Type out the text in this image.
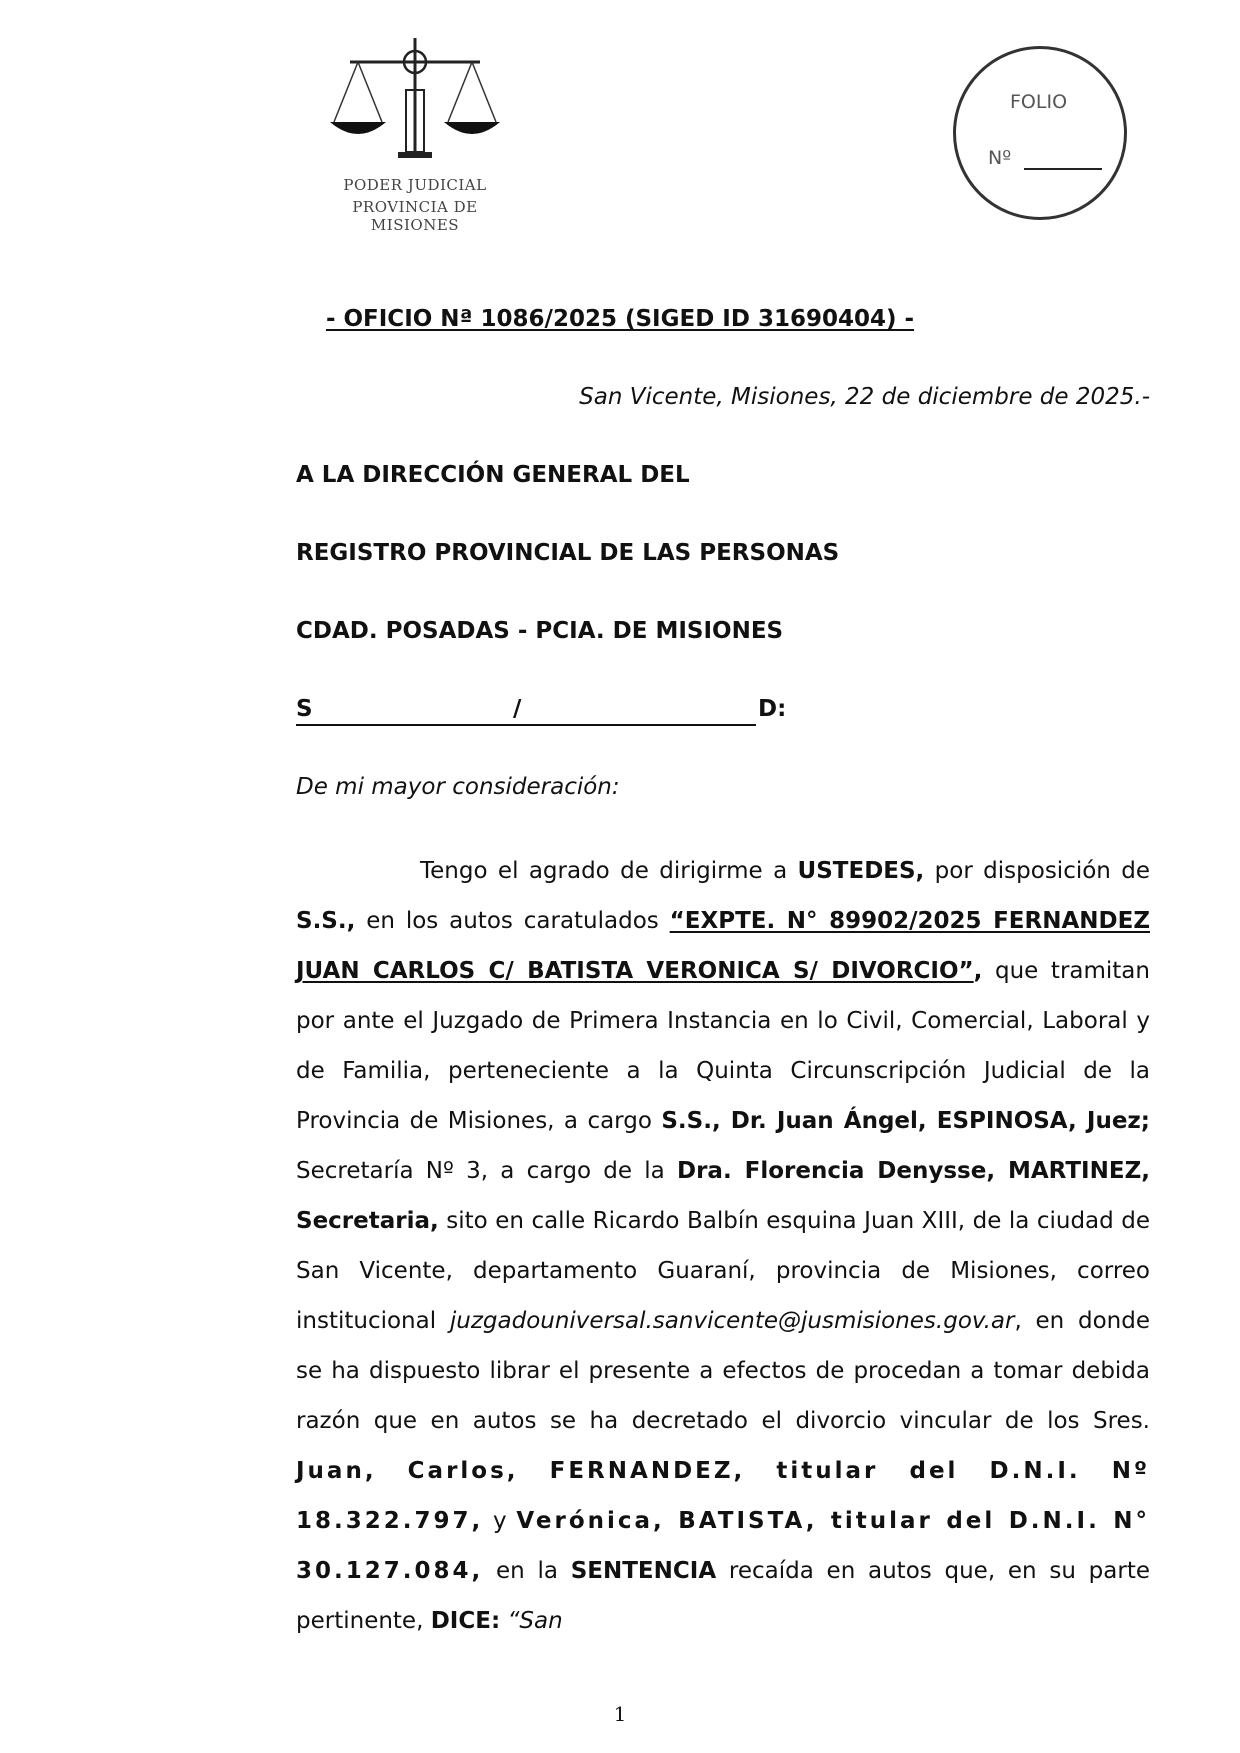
PODER JUDICIAL
PROVINCIA DE MISIONES
FOLIO
Nº
- OFICIO Nª 1086/2025 (SIGED ID 31690404) -
San Vicente, Misiones, 22 de diciembre de 2025.-
A LA DIRECCIÓN GENERAL DEL
REGISTRO PROVINCIAL DE LAS PERSONAS
CDAD. POSADAS - PCIA. DE MISIONES
S	/	D:
De mi mayor consideración:

Tengo el agrado de dirigirme a USTEDES, por disposición de S.S., en los autos caratulados “EXPTE. N° 89902/2025 FERNANDEZ JUAN CARLOS C/ BATISTA VERONICA S/ DIVORCIO”, que tramitan por ante el Juzgado de Primera Instancia en lo Civil, Comercial, Laboral y de Familia, perteneciente a la Quinta Circunscripción Judicial de la Provincia de Misiones, a cargo S.S., Dr. Juan Ángel, ESPINOSA, Juez; Secretaría Nº 3, a cargo de la Dra. Florencia Denysse, MARTINEZ, Secretaria, sito en calle Ricardo Balbín esquina Juan XIII, de la ciudad de San Vicente, departamento Guaraní, provincia de Misiones, correo institucional juzgadouniversal.sanvicente@jusmisiones.gov.ar, en donde se ha dispuesto librar el presente a efectos de procedan a tomar debida razón que en autos se ha decretado el divorcio vincular de los Sres. Juan, Carlos, FERNANDEZ, titular del D.N.I. Nº 18.322.797, y Verónica, BATISTA, titular del D.N.I. N° 30.127.084, en la SENTENCIA recaída en autos que, en su parte pertinente, DICE: “San

1
